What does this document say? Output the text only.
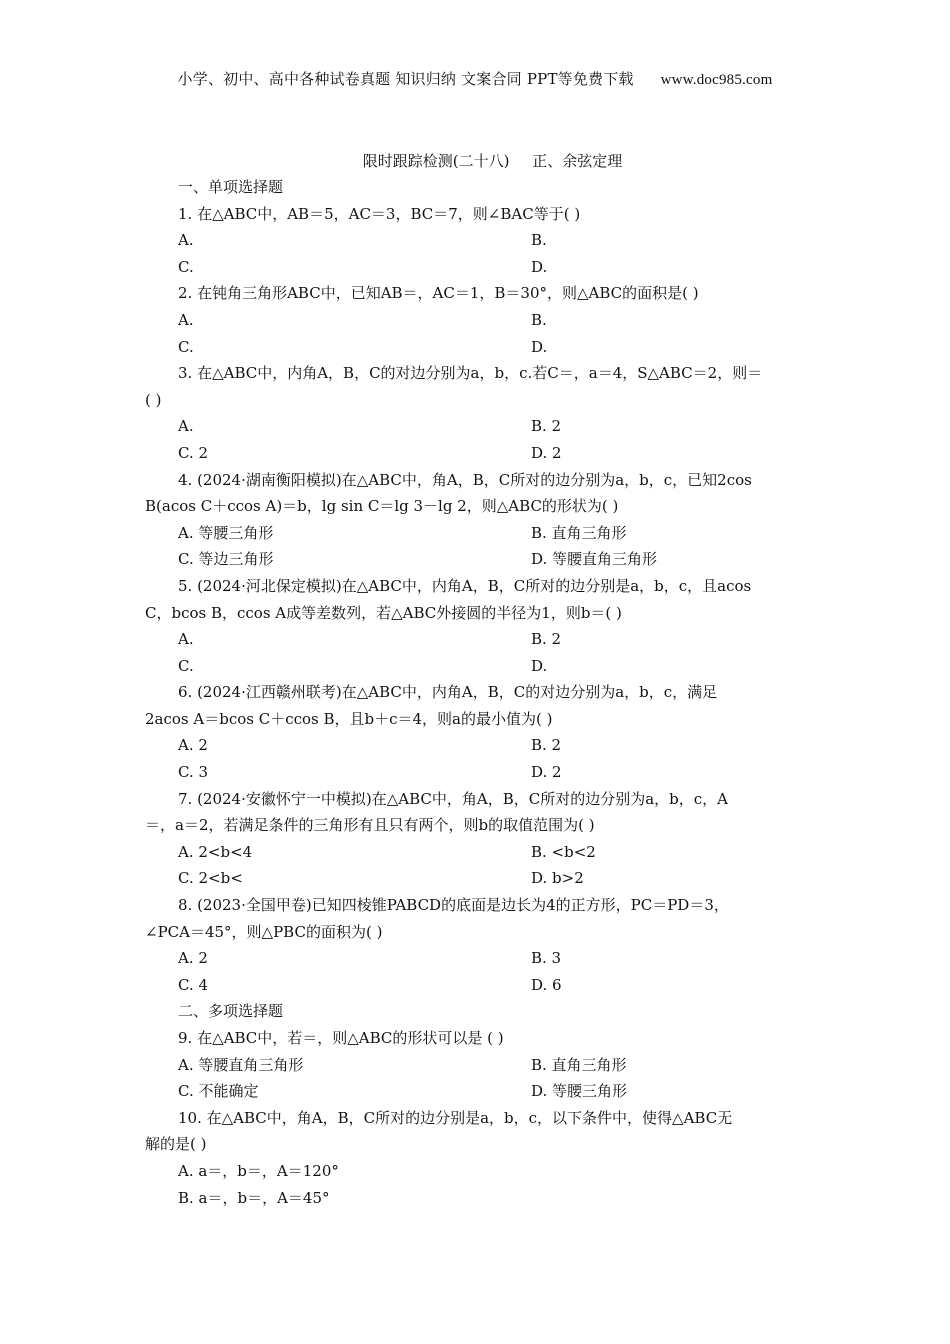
小学、初中、高中各种试卷真题 知识归纳 文案合同 PPT等免费下载 www.doc985.com
限时跟踪检测(二十八) 正、余弦定理
一、单项选择题
1. 在△ABC中，AB＝5，AC＝3，BC＝7，则∠BAC等于( )
A.	B.
C.	D.
2. 在钝角三角形ABC中，已知AB＝，AC＝1，B＝30°，则△ABC的面积是( )
A.	B.
C.	D.
3. 在△ABC中，内角A，B，C的对边分别为a，b，c.若C＝，a＝4，S△ABC＝2，则＝
( )
A.	B. 2
C. 2	D. 2
4. (2024·湖南衡阳模拟)在△ABC中，角A，B，C所对的边分别为a，b，c，已知2cos
B(acos C＋ccos A)＝b，lg sin C＝lg 3－lg 2，则△ABC的形状为( )
A. 等腰三角形	B. 直角三角形
C. 等边三角形	D. 等腰直角三角形
5. (2024·河北保定模拟)在△ABC中，内角A，B，C所对的边分别是a，b，c，且acos
C，bcos B，ccos A成等差数列，若△ABC外接圆的半径为1，则b＝( )
A.	B. 2
C.	D.
6. (2024·江西赣州联考)在△ABC中，内角A，B，C的对边分别为a，b，c，满足
2acos A＝bcos C＋ccos B，且b＋c＝4，则a的最小值为( )
A. 2	B. 2
C. 3	D. 2
7. (2024·安徽怀宁一中模拟)在△ABC中，角A，B，C所对的边分别为a，b，c，A
＝，a＝2，若满足条件的三角形有且只有两个，则b的取值范围为( )
A. 2<b<4	B. <b<2
C. 2<b<	D. b>2
8. (2023·全国甲卷)已知四棱锥PABCD的底面是边长为4的正方形，PC＝PD＝3，
∠PCA＝45°，则△PBC的面积为( )
A. 2	B. 3
C. 4	D. 6
二、多项选择题
9. 在△ABC中，若＝，则△ABC的形状可以是 ( )
A. 等腰直角三角形	B. 直角三角形
C. 不能确定	D. 等腰三角形
10. 在△ABC中，角A，B，C所对的边分别是a，b，c，以下条件中，使得△ABC无
解的是( )
A. a＝，b＝，A＝120°
B. a＝，b＝，A＝45°
